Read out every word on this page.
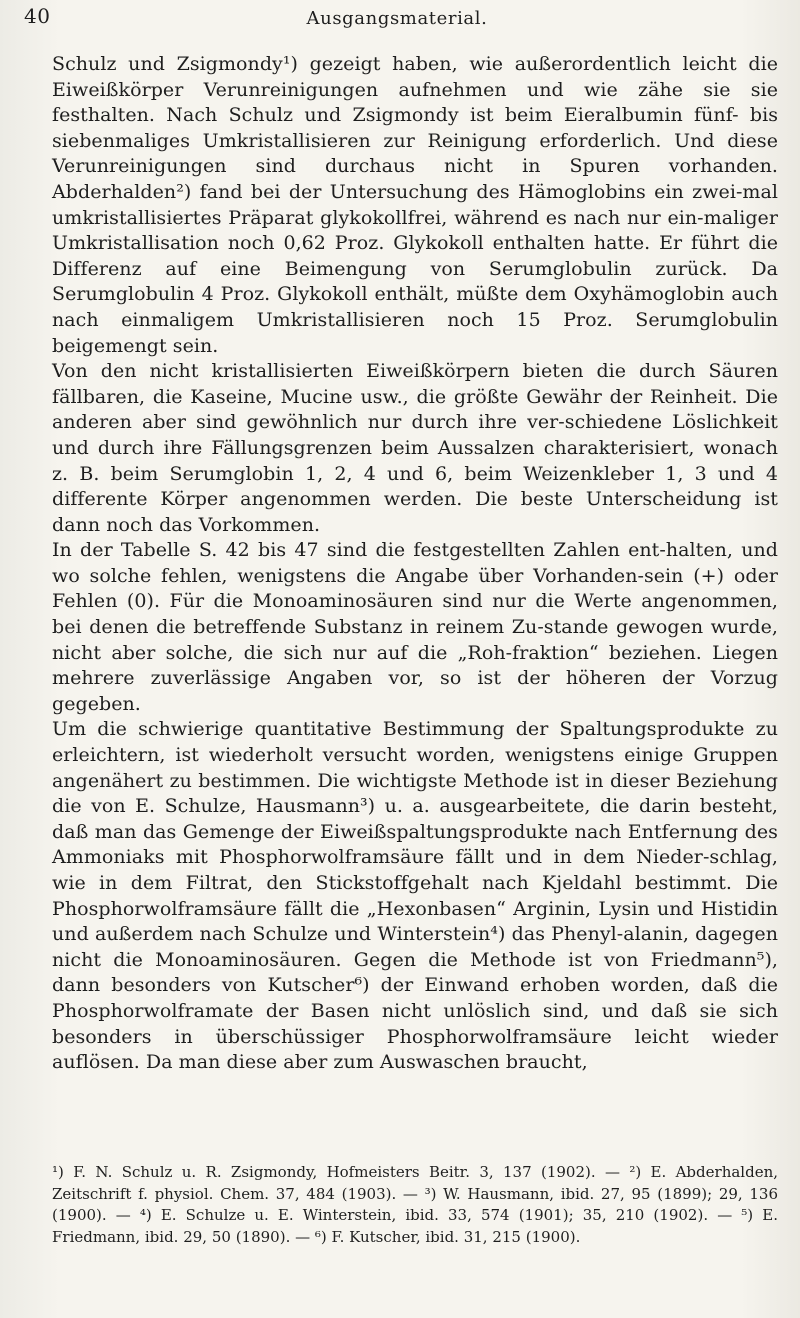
40	Ausgangsmaterial.

Schulz und Zsigmondy¹) gezeigt haben, wie außerordentlich leicht die Eiweißkörper Verunreinigungen aufnehmen und wie zähe sie sie festhalten. Nach Schulz und Zsigmondy ist beim Eieralbumin fünf- bis siebenmaliges Umkristallisieren zur Reinigung erforderlich. Und diese Verunreinigungen sind durchaus nicht in Spuren vorhanden. Abderhalden²) fand bei der Untersuchung des Hämoglobins ein zwei-mal umkristallisiertes Präparat glykokollfrei, während es nach nur ein-maliger Umkristallisation noch 0,62 Proz. Glykokoll enthalten hatte. Er führt die Differenz auf eine Beimengung von Serumglobulin zurück. Da Serumglobulin 4 Proz. Glykokoll enthält, müßte dem Oxyhämoglobin auch nach einmaligem Umkristallisieren noch 15 Proz. Serumglobulin beigemengt sein.

Von den nicht kristallisierten Eiweißkörpern bieten die durch Säuren fällbaren, die Kaseine, Mucine usw., die größte Gewähr der Reinheit. Die anderen aber sind gewöhnlich nur durch ihre ver-schiedene Löslichkeit und durch ihre Fällungsgrenzen beim Aussalzen charakterisiert, wonach z. B. beim Serumglobin 1, 2, 4 und 6, beim Weizenkleber 1, 3 und 4 differente Körper angenommen werden. Die beste Unterscheidung ist dann noch das Vorkommen.

In der Tabelle S. 42 bis 47 sind die festgestellten Zahlen ent-halten, und wo solche fehlen, wenigstens die Angabe über Vorhanden-sein (+) oder Fehlen (0). Für die Monoaminosäuren sind nur die Werte angenommen, bei denen die betreffende Substanz in reinem Zu-stande gewogen wurde, nicht aber solche, die sich nur auf die „Roh-fraktion“ beziehen. Liegen mehrere zuverlässige Angaben vor, so ist der höheren der Vorzug gegeben.

Um die schwierige quantitative Bestimmung der Spaltungsprodukte zu erleichtern, ist wiederholt versucht worden, wenigstens einige Gruppen angenähert zu bestimmen. Die wichtigste Methode ist in dieser Beziehung die von E. Schulze, Hausmann³) u. a. ausgearbeitete, die darin besteht, daß man das Gemenge der Eiweißspaltungsprodukte nach Entfernung des Ammoniaks mit Phosphorwolframsäure fällt und in dem Nieder-schlag, wie in dem Filtrat, den Stickstoffgehalt nach Kjeldahl bestimmt. Die Phosphorwolframsäure fällt die „Hexonbasen“ Arginin, Lysin und Histidin und außerdem nach Schulze und Winterstein⁴) das Phenyl-alanin, dagegen nicht die Monoaminosäuren. Gegen die Methode ist von Friedmann⁵), dann besonders von Kutscher⁶) der Einwand erhoben worden, daß die Phosphorwolframate der Basen nicht unlöslich sind, und daß sie sich besonders in überschüssiger Phosphorwolframsäure leicht wieder auflösen. Da man diese aber zum Auswaschen braucht,

¹) F. N. Schulz u. R. Zsigmondy, Hofmeisters Beitr. 3, 137 (1902). — ²) E. Abderhalden, Zeitschrift f. physiol. Chem. 37, 484 (1903). — ³) W. Hausmann, ibid. 27, 95 (1899); 29, 136 (1900). — ⁴) E. Schulze u. E. Winterstein, ibid. 33, 574 (1901); 35, 210 (1902). — ⁵) E. Friedmann, ibid. 29, 50 (1890). — ⁶) F. Kutscher, ibid. 31, 215 (1900).
